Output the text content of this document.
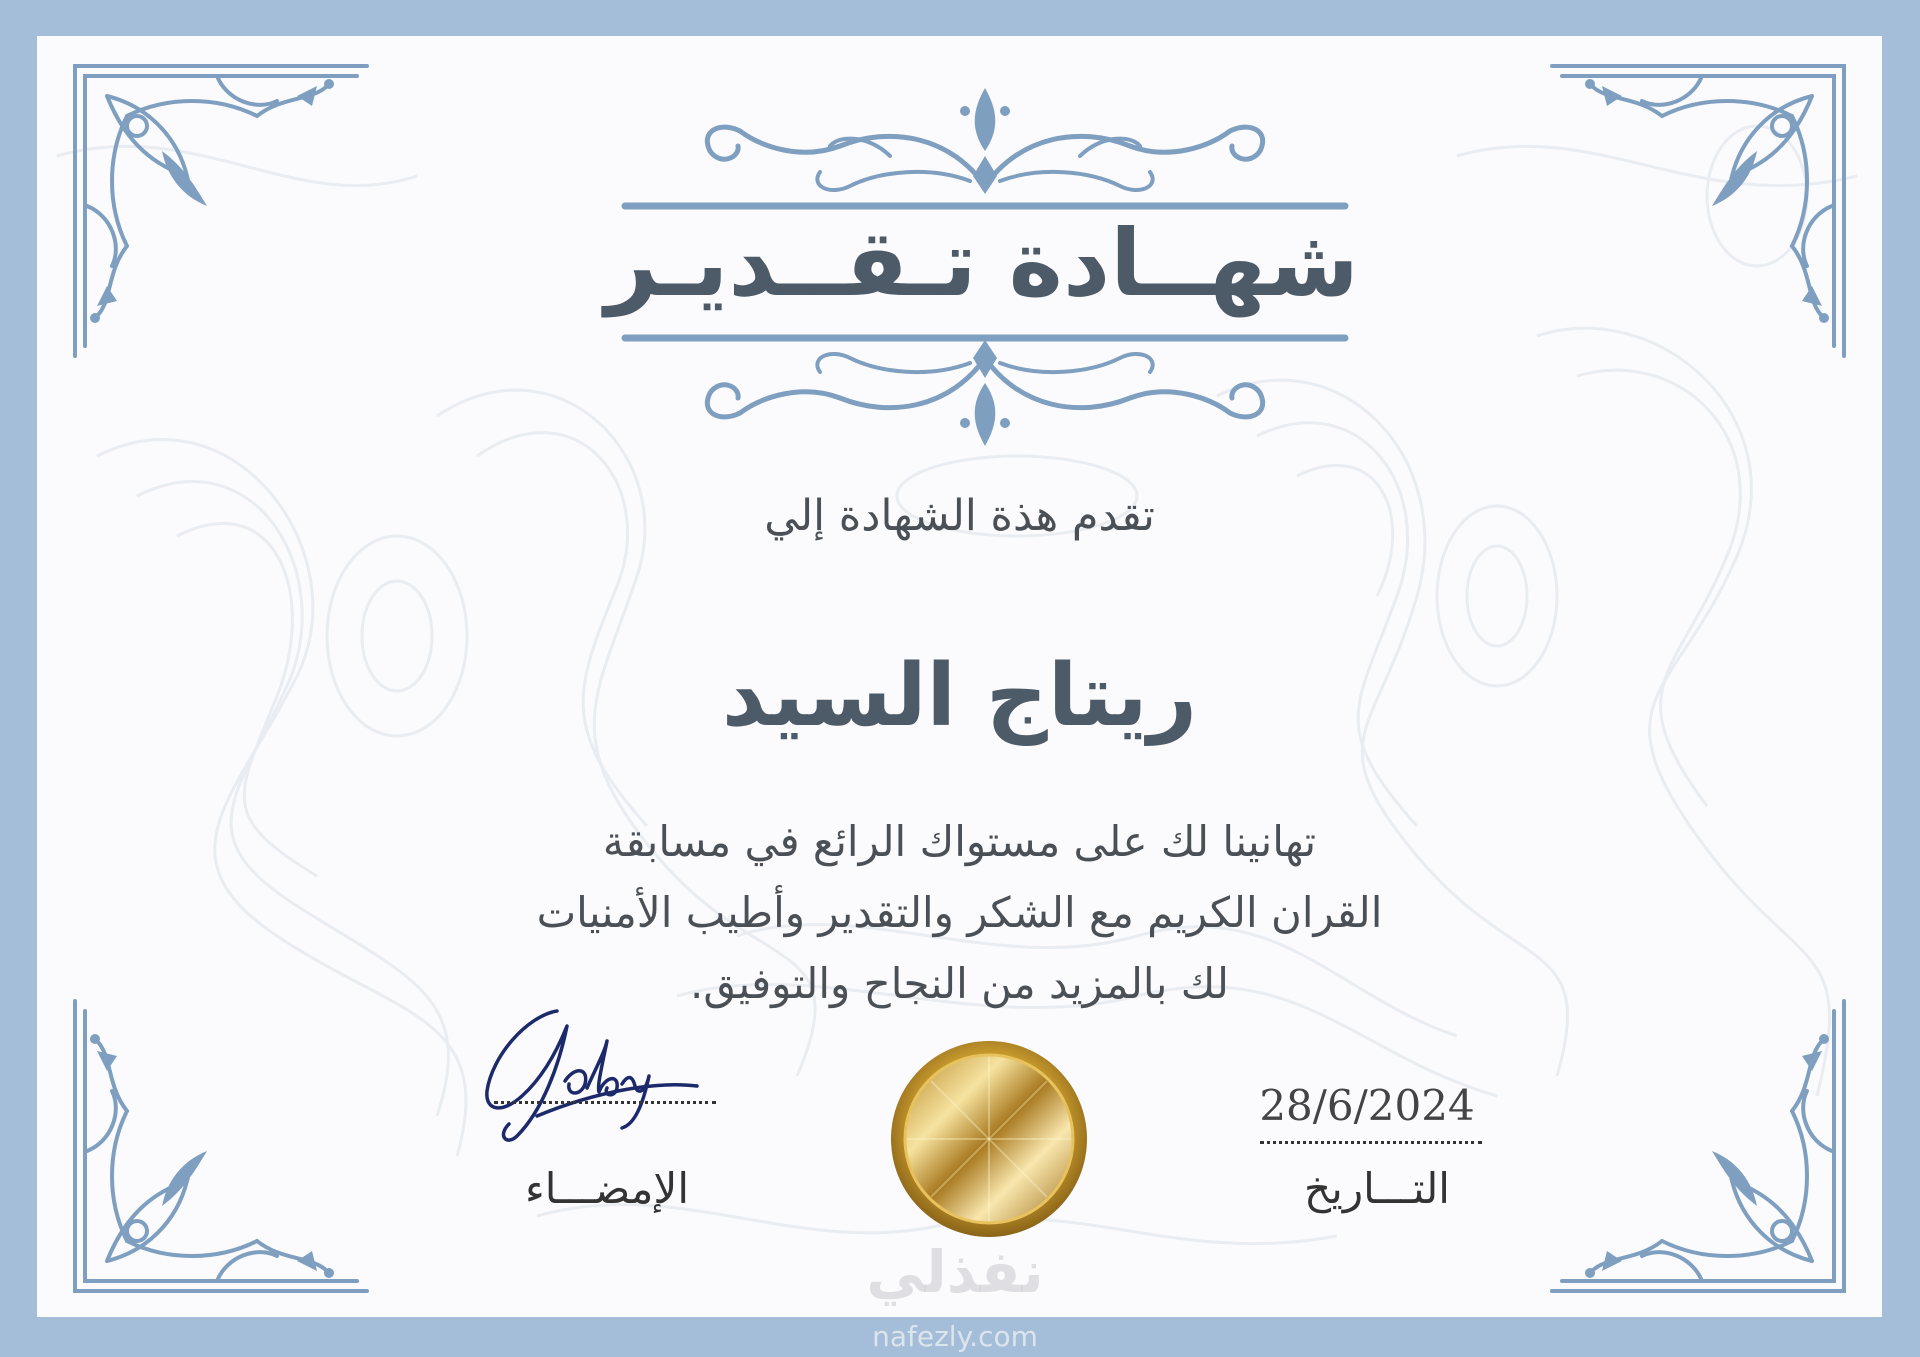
شهــادة تـقــديـر
تقدم هذة الشهادة إلي
ريتاج السيد
تهانينا لك على مستواك الرائع في مسابقة
القران الكريم مع الشكر والتقدير وأطيب الأمنيات
لك بالمزيد من النجاح والتوفيق.
الإمضـــاء
28/6/2024
التـــاريخ
نفذلي
nafezly.com
